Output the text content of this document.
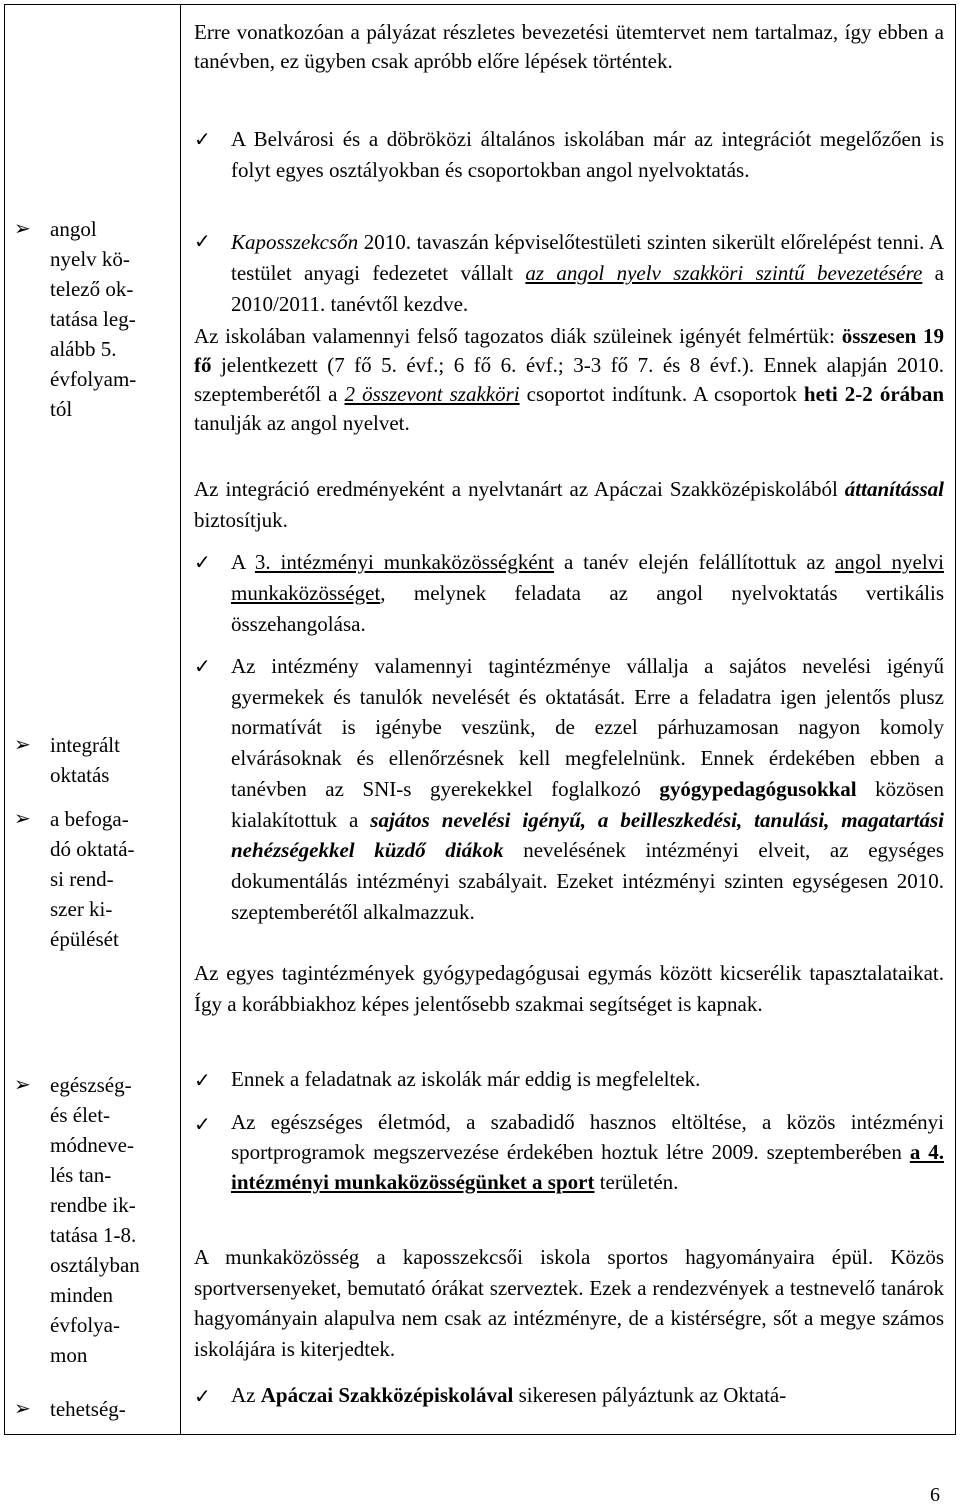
➢ angol
nyelv kö-
telező ok-
tatása leg-
alább 5.
évfolyam-
tól
➢ integrált
oktatás
➢ a befoga-
dó oktatá-
si rend-
szer ki-
épülését
➢ egészség-
és élet-
módneve-
lés tan-
rendbe ik-
tatása 1-8.
osztályban
minden
évfolya-
mon
➢ tehetség-
Erre vonatkozóan a pályázat részletes bevezetési ütemtervet nem tartalmaz, így ebben a tanévben, ez ügyben csak apróbb előre lépések történtek.
✓ A Belvárosi és a döbröközi általános iskolában már az integrációt megelőzően is folyt egyes osztályokban és csoportokban angol nyelvoktatás.
✓ Kaposszekcsőn 2010. tavaszán képviselőtestületi szinten sikerült előrelépést tenni. A testület anyagi fedezetet vállalt az angol nyelv szakköri szintű bevezetésére a 2010/2011. tanévtől kezdve.
Az iskolában valamennyi felső tagozatos diák szüleinek igényét felmértük: összesen 19 fő jelentkezett (7 fő 5. évf.; 6 fő 6. évf.; 3-3 fő 7. és 8 évf.). Ennek alapján 2010. szeptemberétől a 2 összevont szakköri csoportot indítunk. A csoportok heti 2-2 órában tanulják az angol nyelvet.
Az integráció eredményeként a nyelvtanárt az Apáczai Szakközépiskolából áttanítással biztosítjuk.
✓ A 3. intézményi munkaközösségként a tanév elején felállítottuk az angol nyelvi munkaközösséget, melynek feladata az angol nyelvoktatás vertikális összehangolása.
✓ Az intézmény valamennyi tagintézménye vállalja a sajátos nevelési igényű gyermekek és tanulók nevelését és oktatását. Erre a feladatra igen jelentős plusz normatívát is igénybe veszünk, de ezzel párhuzamosan nagyon komoly elvárásoknak és ellenőrzésnek kell megfelelnünk. Ennek érdekében ebben a tanévben az SNI-s gyerekekkel foglalkozó gyógypedagógusokkal közösen kialakítottuk a sajátos nevelési igényű, a beilleszkedési, tanulási, magatartási nehézségekkel küzdő diákok nevelésének intézményi elveit, az egységes dokumentálás intézményi szabályait. Ezeket intézményi szinten egységesen 2010. szeptemberétől alkalmazzuk.
Az egyes tagintézmények gyógypedagógusai egymás között kicserélik tapasztalataikat. Így a korábbiakhoz képes jelentősebb szakmai segítséget is kapnak.
✓ Ennek a feladatnak az iskolák már eddig is megfeleltek.
✓ Az egészséges életmód, a szabadidő hasznos eltöltése, a közös intézményi sportprogramok megszervezése érdekében hoztuk létre 2009. szeptemberében a 4. intézményi munkaközösségünket a sport területén.
A munkaközösség a kaposszekcsői iskola sportos hagyományaira épül. Közös sportversenyeket, bemutató órákat szerveztek. Ezek a rendezvények a testnevelő tanárok hagyományain alapulva nem csak az intézményre, de a kistérségre, sőt a megye számos iskolájára is kiterjedtek.
✓ Az Apáczai Szakközépiskolával sikeresen pályáztunk az Oktatá-
6
